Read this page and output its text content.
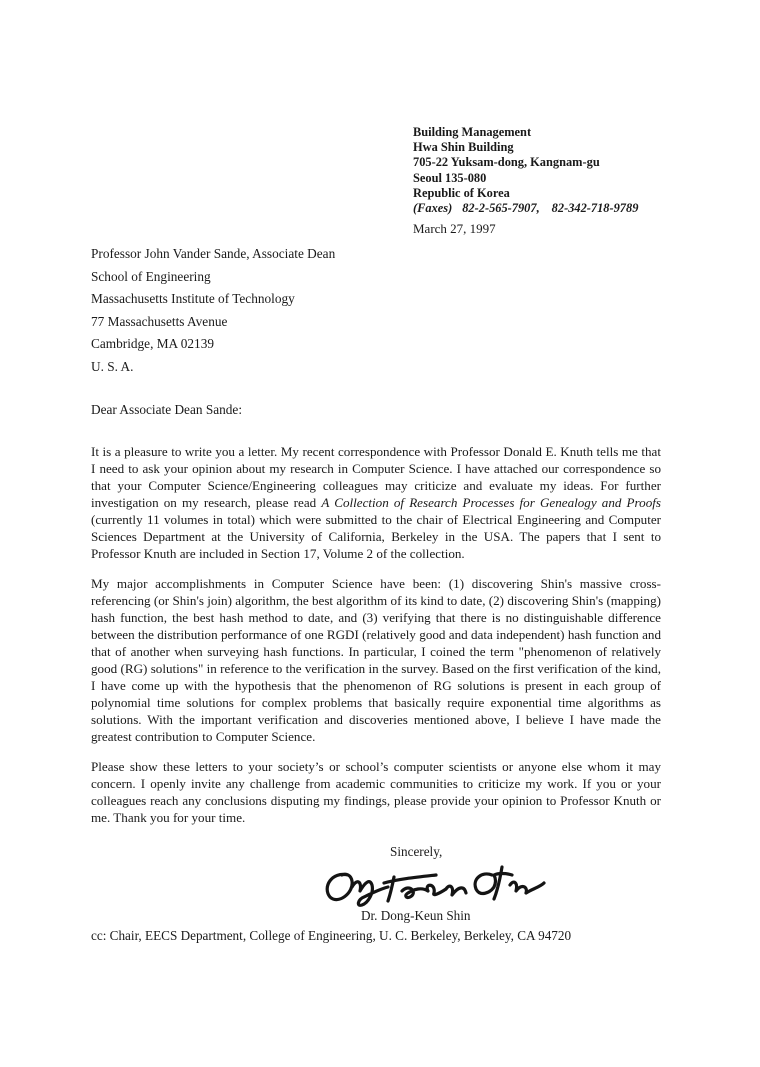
Building Management
Hwa Shin Building
705-22 Yuksam-dong, Kangnam-gu
Seoul 135-080
Republic of Korea
(Faxes) 82-2-565-7907, 82-342-718-9789
March 27, 1997
Professor John Vander Sande, Associate Dean
School of Engineering
Massachusetts Institute of Technology
77 Massachusetts Avenue
Cambridge, MA 02139
U. S. A.
Dear Associate Dean Sande:
It is a pleasure to write you a letter. My recent correspondence with Professor Donald E. Knuth tells me that I need to ask your opinion about my research in Computer Science. I have attached our correspondence so that your Computer Science/Engineering colleagues may criticize and evaluate my ideas. For further investigation on my research, please read A Collection of Research Processes for Genealogy and Proofs (currently 11 volumes in total) which were submitted to the chair of Electrical Engineering and Computer Sciences Department at the University of California, Berkeley in the USA. The papers that I sent to Professor Knuth are included in Section 17, Volume 2 of the collection.
My major accomplishments in Computer Science have been: (1) discovering Shin's massive cross-referencing (or Shin's join) algorithm, the best algorithm of its kind to date, (2) discovering Shin's (mapping) hash function, the best hash method to date, and (3) verifying that there is no distinguishable difference between the distribution performance of one RGDI (relatively good and data independent) hash function and that of another when surveying hash functions. In particular, I coined the term "phenomenon of relatively good (RG) solutions" in reference to the verification in the survey. Based on the first verification of the kind, I have come up with the hypothesis that the phenomenon of RG solutions is present in each group of polynomial time solutions for complex problems that basically require exponential time algorithms as solutions. With the important verification and discoveries mentioned above, I believe I have made the greatest contribution to Computer Science.
Please show these letters to your society’s or school’s computer scientists or anyone else whom it may concern. I openly invite any challenge from academic communities to criticize my work. If you or your colleagues reach any conclusions disputing my findings, please provide your opinion to Professor Knuth or me. Thank you for your time.
Sincerely,
Dr. Dong-Keun Shin
cc: Chair, EECS Department, College of Engineering, U. C. Berkeley, Berkeley, CA 94720
